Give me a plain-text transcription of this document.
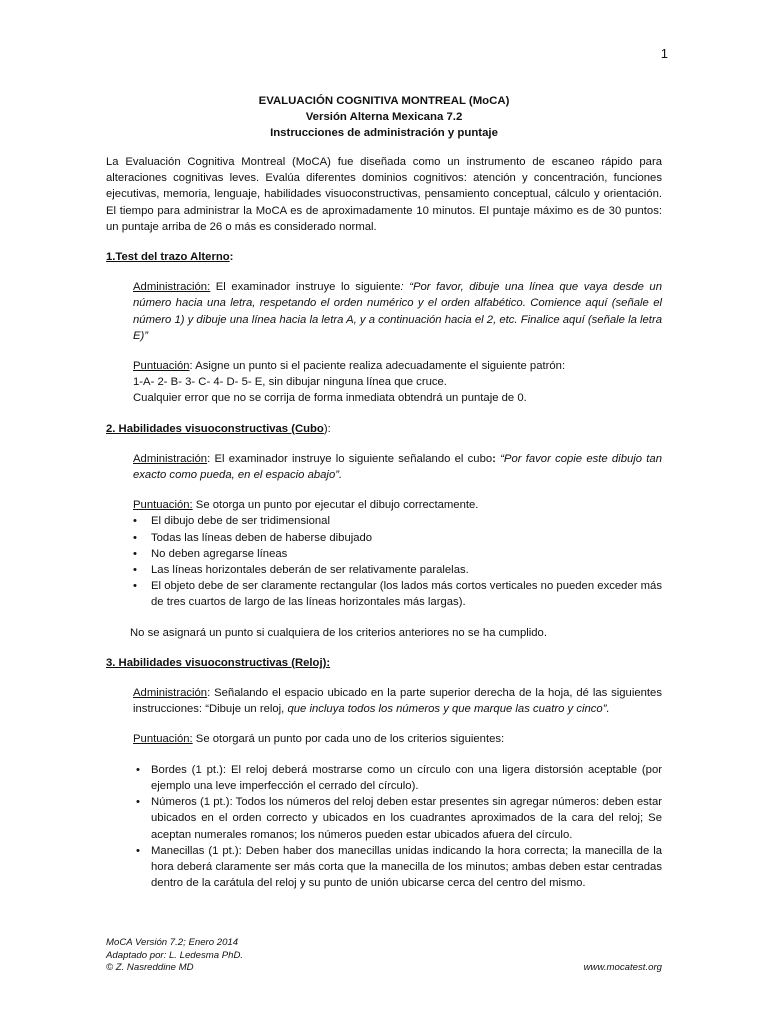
1
EVALUACIÓN COGNITIVA MONTREAL (MoCA)
Versión Alterna Mexicana 7.2
Instrucciones de administración y puntaje

La Evaluación Cognitiva Montreal (MoCA) fue diseñada como un instrumento de escaneo rápido para alteraciones cognitivas leves. Evalúa diferentes dominios cognitivos: atención y concentración, funciones ejecutivas, memoria, lenguaje, habilidades visuoconstructivas, pensamiento conceptual, cálculo y orientación. El tiempo para administrar la MoCA es de aproximadamente 10 minutos. El puntaje máximo es de 30 puntos: un puntaje arriba de 26 o más es considerado normal.

1.Test del trazo Alterno:

Administración: El examinador instruye lo siguiente: “Por favor, dibuje una línea que vaya desde un número hacia una letra, respetando el orden numérico y el orden alfabético. Comience aquí (señale el número 1) y dibuje una línea hacia la letra A, y a continuación hacia el 2, etc. Finalice aquí (señale la letra E)”

Puntuación: Asigne un punto si el paciente realiza adecuadamente el siguiente patrón:

1-A- 2- B- 3- C- 4- D- 5- E, sin dibujar ninguna línea que cruce.

Cualquier error que no se corrija de forma inmediata obtendrá un puntaje de 0.

2. Habilidades visuoconstructivas (Cubo):

Administración: El examinador instruye lo siguiente señalando el cubo: “Por favor copie este dibujo tan exacto como pueda, en el espacio abajo”.

Puntuación: Se otorga un punto por ejecutar el dibujo correctamente.

• El dibujo debe de ser tridimensional
• Todas las líneas deben de haberse dibujado
• No deben agregarse líneas
• Las líneas horizontales deberán de ser relativamente paralelas.
• El objeto debe de ser claramente rectangular (los lados más cortos verticales no pueden exceder más de tres cuartos de largo de las líneas horizontales más largas).

No se asignará un punto si cualquiera de los criterios anteriores no se ha cumplido.

3. Habilidades visuoconstructivas (Reloj):

Administración: Señalando el espacio ubicado en la parte superior derecha de la hoja, dé las siguientes instrucciones: “Dibuje un reloj, que incluya todos los números y que marque las cuatro y cinco”.

Puntuación: Se otorgará un punto por cada uno de los criterios siguientes:

• Bordes (1 pt.): El reloj deberá mostrarse como un círculo con una ligera distorsión aceptable (por ejemplo una leve imperfección el cerrado del círculo).

• Números (1 pt.): Todos los números del reloj deben estar presentes sin agregar números: deben estar ubicados en el orden correcto y ubicados en los cuadrantes aproximados de la cara del reloj; Se aceptan numerales romanos; los números pueden estar ubicados afuera del círculo.

• Manecillas (1 pt.): Deben haber dos manecillas unidas indicando la hora correcta; la manecilla de la hora deberá claramente ser más corta que la manecilla de los minutos; ambas deben estar centradas dentro de la carátula del reloj y su punto de unión ubicarse cerca del centro del mismo.

MoCA Versión 7.2; Enero 2014
Adaptado por: L. Ledesma PhD.
© Z. Nasreddine MD	www.mocatest.org
